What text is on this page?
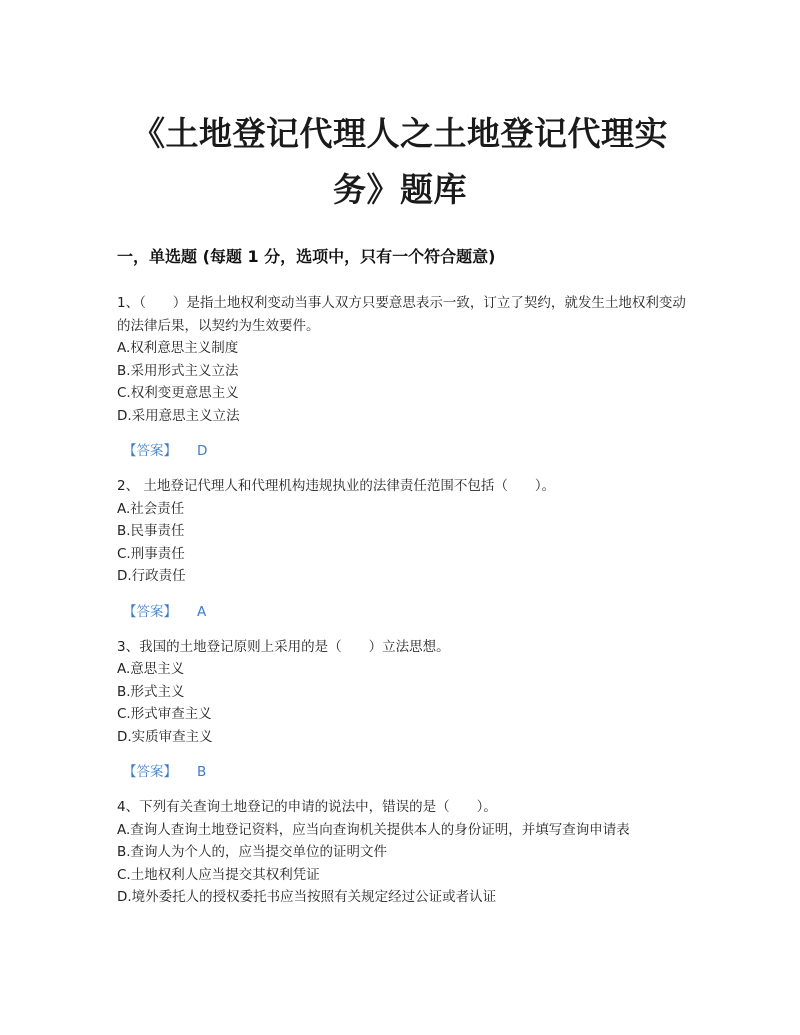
《土地登记代理人之土地登记代理实
务》题库
一，单选题 (每题 1 分，选项中，只有一个符合题意)

1、（　　）是指土地权利变动当事人双方只要意思表示一致，订立了契约，就发生土地权利变动的法律后果，以契约为生效要件。

A.权利意思主义制度

B.采用形式主义立法

C.权利变更意思主义

D.采用意思主义立法

【答案】 D

2、 土地登记代理人和代理机构违规执业的法律责任范围不包括（　　）。

A.社会责任

B.民事责任

C.刑事责任

D.行政责任

【答案】 A

3、我国的土地登记原则上采用的是（　　）立法思想。

A.意思主义

B.形式主义

C.形式审查主义

D.实质审查主义

【答案】 B

4、下列有关查询土地登记的申请的说法中，错误的是（　　）。

A.查询人查询土地登记资料，应当向查询机关提供本人的身份证明，并填写查询申请表

B.查询人为个人的，应当提交单位的证明文件

C.土地权利人应当提交其权利凭证

D.境外委托人的授权委托书应当按照有关规定经过公证或者认证
